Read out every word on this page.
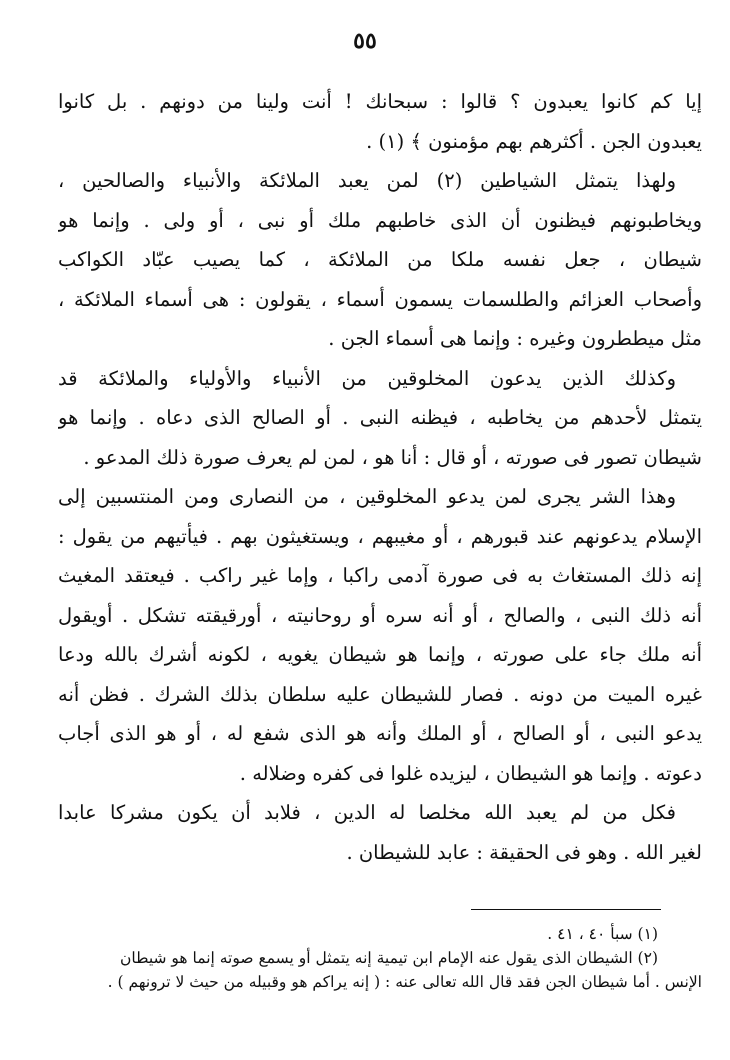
٥٥
إيا كم كانوا يعبدون ؟ قالوا : سبحانك ! أنت ولينا من دونهم . بل كانوا
يعبدون الجن . أكثرهم بهم مؤمنون ﴾ (١) .
ولهذا يتمثل الشياطين (٢) لمن يعبد الملائكة والأنبياء والصالحين ،
ويخاطبونهم فيظنون أن الذى خاطبهم ملك أو نبى ، أو ولى . وإنما هو
شيطان ، جعل نفسه ملكا من الملائكة ، كما يصيب عبّاد الكواكب
وأصحاب العزائم والطلسمات يسمون أسماء ، يقولون : هى أسماء الملائكة ،
مثل ميططرون وغيره : وإنما هى أسماء الجن .
وكذلك الذين يدعون المخلوقين من الأنبياء والأولياء والملائكة قد
يتمثل لأحدهم من يخاطبه ، فيظنه النبى . أو الصالح الذى دعاه . وإنما هو
شيطان تصور فى صورته ، أو قال : أنا هو ، لمن لم يعرف صورة ذلك المدعو .
وهذا الشر يجرى لمن يدعو المخلوقين ، من النصارى ومن المنتسبين إلى
الإسلام يدعونهم عند قبورهم ، أو مغيبهم ، ويستغيثون بهم . فيأتيهم من يقول :
إنه ذلك المستغاث به فى صورة آدمى راكبا ، وإما غير راكب . فيعتقد المغيث
أنه ذلك النبى ، والصالح ، أو أنه سره أو روحانيته ، أورقيقته تشكل . أويقول
أنه ملك جاء على صورته ، وإنما هو شيطان يغويه ، لكونه أشرك بالله ودعا
غيره الميت من دونه . فصار للشيطان عليه سلطان بذلك الشرك . فظن أنه
يدعو النبى ، أو الصالح ، أو الملك وأنه هو الذى شفع له ، أو هو الذى أجاب
دعوته . وإنما هو الشيطان ، ليزيده غلوا فى كفره وضلاله .
فكل من لم يعبد الله مخلصا له الدين ، فلابد أن يكون مشركا عابدا
لغير الله . وهو فى الحقيقة : عابد للشيطان .
(١) سبأ ٤٠ ، ٤١ .
(٢) الشيطان الذى يقول عنه الإمام ابن تيمية إنه يتمثل أو يسمع صوته إنما هو شيطان
الإنس . أما شيطان الجن فقد قال الله تعالى عنه : ( إنه يراكم هو وقبيله من حيث لا ترونهم ) .
